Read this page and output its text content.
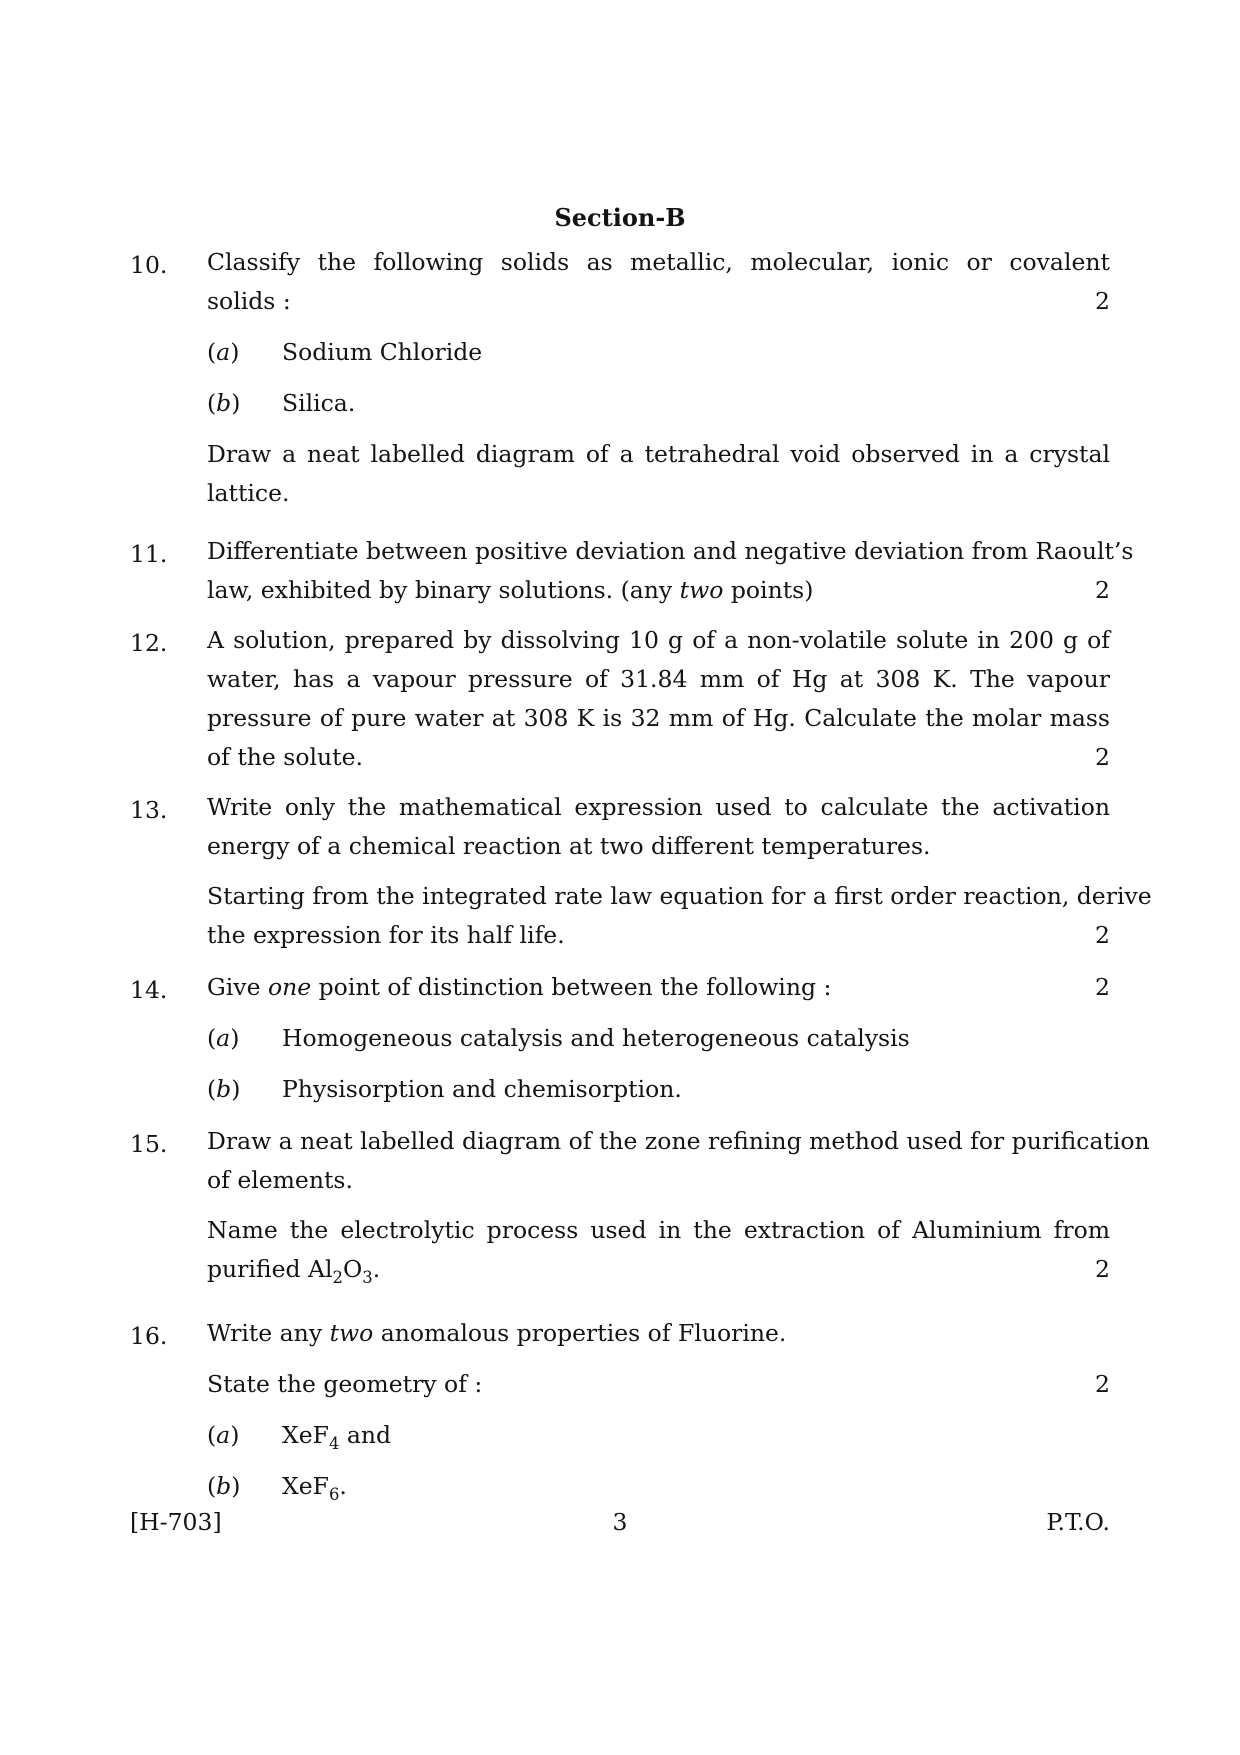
Section-B
10.	Classify the following solids as metallic, molecular, ionic or covalent
solids :	2
(a)	Sodium Chloride
(b)	Silica.
Draw a neat labelled diagram of a tetrahedral void observed in a crystal
lattice.
11.	Differentiate between positive deviation and negative deviation from Raoult’s
law, exhibited by binary solutions. (any two points)	2
12.	A solution, prepared by dissolving 10 g of a non-volatile solute in 200 g of
water, has a vapour pressure of 31.84 mm of Hg at 308 K. The vapour
pressure of pure water at 308 K is 32 mm of Hg. Calculate the molar mass
of the solute.	2
13.	Write only the mathematical expression used to calculate the activation
energy of a chemical reaction at two different temperatures.
Starting from the integrated rate law equation for a first order reaction, derive
the expression for its half life.	2
14.	Give one point of distinction between the following :	2
(a)	Homogeneous catalysis and heterogeneous catalysis
(b)	Physisorption and chemisorption.
15.	Draw a neat labelled diagram of the zone refining method used for purification
of elements.
Name the electrolytic process used in the extraction of Aluminium from
purified $Al_2O_3$.	2
16.	Write any two anomalous properties of Fluorine.
State the geometry of :	2
(a)	XeF$_4$ and
(b)	XeF$_6$.
[H-703]	3	P.T.O.
